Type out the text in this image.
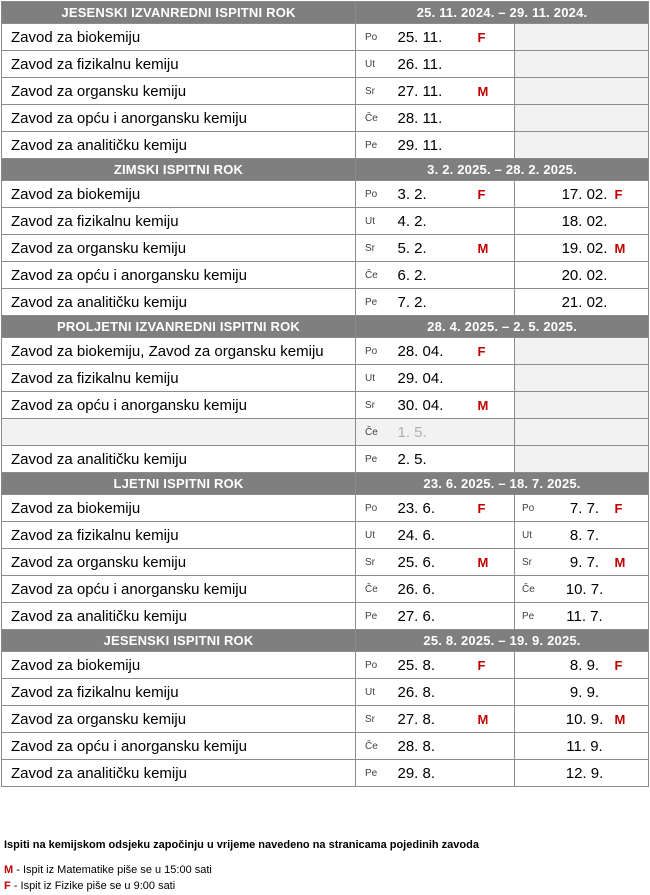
JESENSKI IZVANREDNI ISPITNI ROK	25. 11. 2024. – 29. 11. 2024.					
Zavod za biokemiju	Po	25. 11.	F			
Zavod za fizikalnu kemiju	Ut	26. 11.				
Zavod za organsku kemiju	Sr	27. 11.	M			
Zavod za opću i anorgansku kemiju	Če	28. 11.				
Zavod za analitičku kemiju	Pe	29. 11.				
ZIMSKI ISPITNI ROK	3. 2. 2025. – 28. 2. 2025.					
Zavod za biokemiju	Po	3. 2.	F		17. 02.	F
Zavod za fizikalnu kemiju	Ut	4. 2.			18. 02.	
Zavod za organsku kemiju	Sr	5. 2.	M		19. 02.	M
Zavod za opću i anorgansku kemiju	Če	6. 2.			20. 02.	
Zavod za analitičku kemiju	Pe	7. 2.			21. 02.	
PROLJETNI IZVANREDNI ISPITNI ROK	28. 4. 2025. – 2. 5. 2025.					
Zavod za biokemiju, Zavod za organsku kemiju	Po	28. 04.	F			
Zavod za fizikalnu kemiju	Ut	29. 04.				
Zavod za opću i anorgansku kemiju	Sr	30. 04.	M			
	Če	1. 5.				
Zavod za analitičku kemiju	Pe	2. 5.				
LJETNI ISPITNI ROK	23. 6. 2025. – 18. 7. 2025.					
Zavod za biokemiju	Po	23. 6.	F	Po	7. 7.	F
Zavod za fizikalnu kemiju	Ut	24. 6.		Ut	8. 7.	
Zavod za organsku kemiju	Sr	25. 6.	M	Sr	9. 7.	M
Zavod za opću i anorgansku kemiju	Če	26. 6.		Če	10. 7.	
Zavod za analitičku kemiju	Pe	27. 6.		Pe	11. 7.	
JESENSKI ISPITNI ROK	25. 8. 2025. – 19. 9. 2025.					
Zavod za biokemiju	Po	25. 8.	F		8. 9.	F
Zavod za fizikalnu kemiju	Ut	26. 8.			9. 9.	
Zavod za organsku kemiju	Sr	27. 8.	M		10. 9.	M
Zavod za opću i anorgansku kemiju	Če	28. 8.			11. 9.	
Zavod za analitičku kemiju	Pe	29. 8.			12. 9.	
Ispiti na kemijskom odsjeku započinju u vrijeme navedeno na stranicama pojedinih zavoda
M - Ispit iz Matematike piše se u 15:00 sati
F - Ispit iz Fizike piše se u 9:00 sati
